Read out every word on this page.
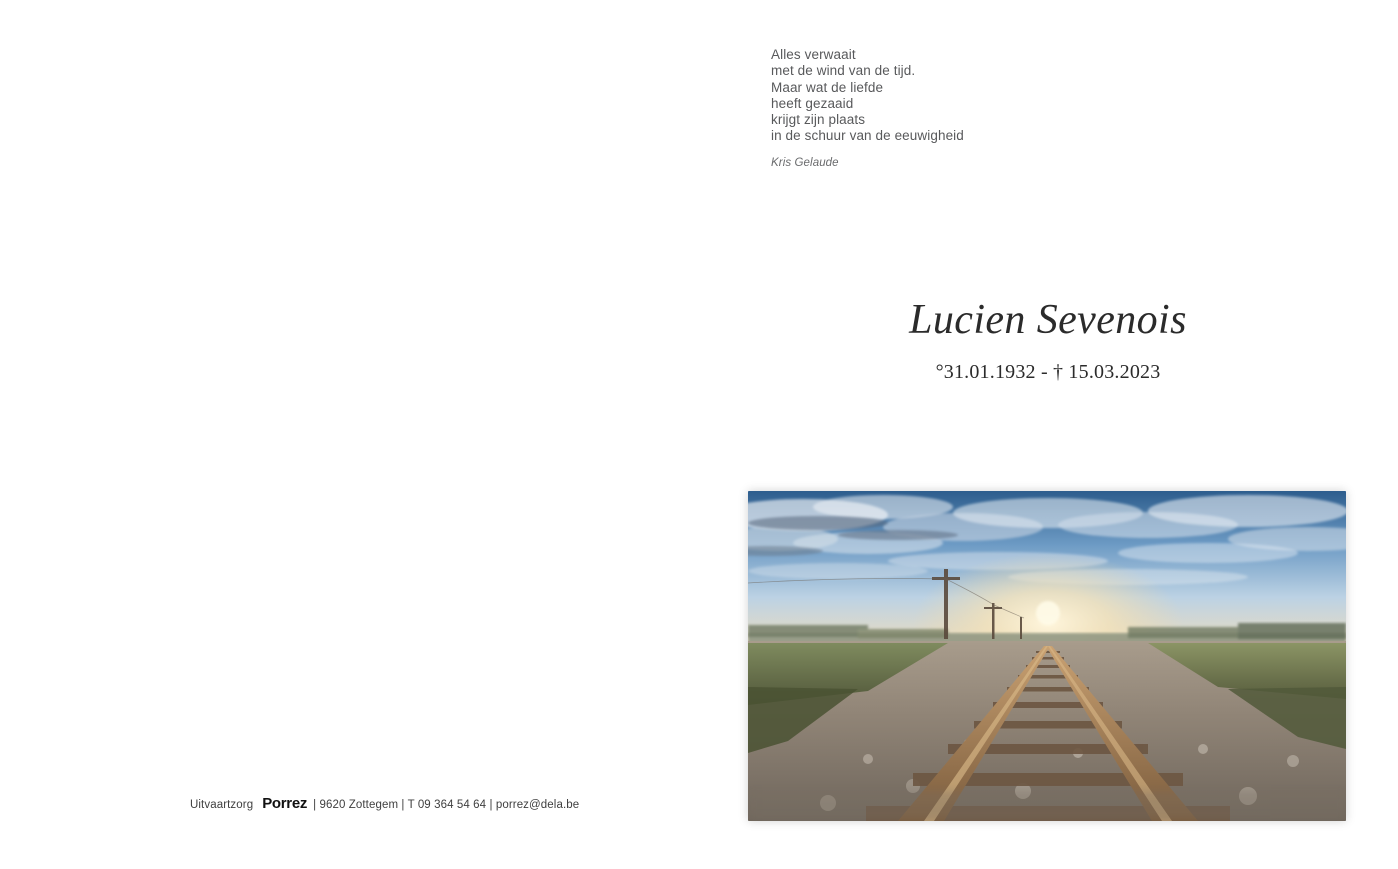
Alles verwaait
met de wind van de tijd.
Maar wat de liefde
heeft gezaaid
krijgt zijn plaats
in de schuur van de eeuwigheid
Kris Gelaude
Lucien Sevenois
°31.01.1932 - † 15.03.2023
Uitvaartzorg Porrez | 9620 Zottegem | T 09 364 54 64 | porrez@dela.be
